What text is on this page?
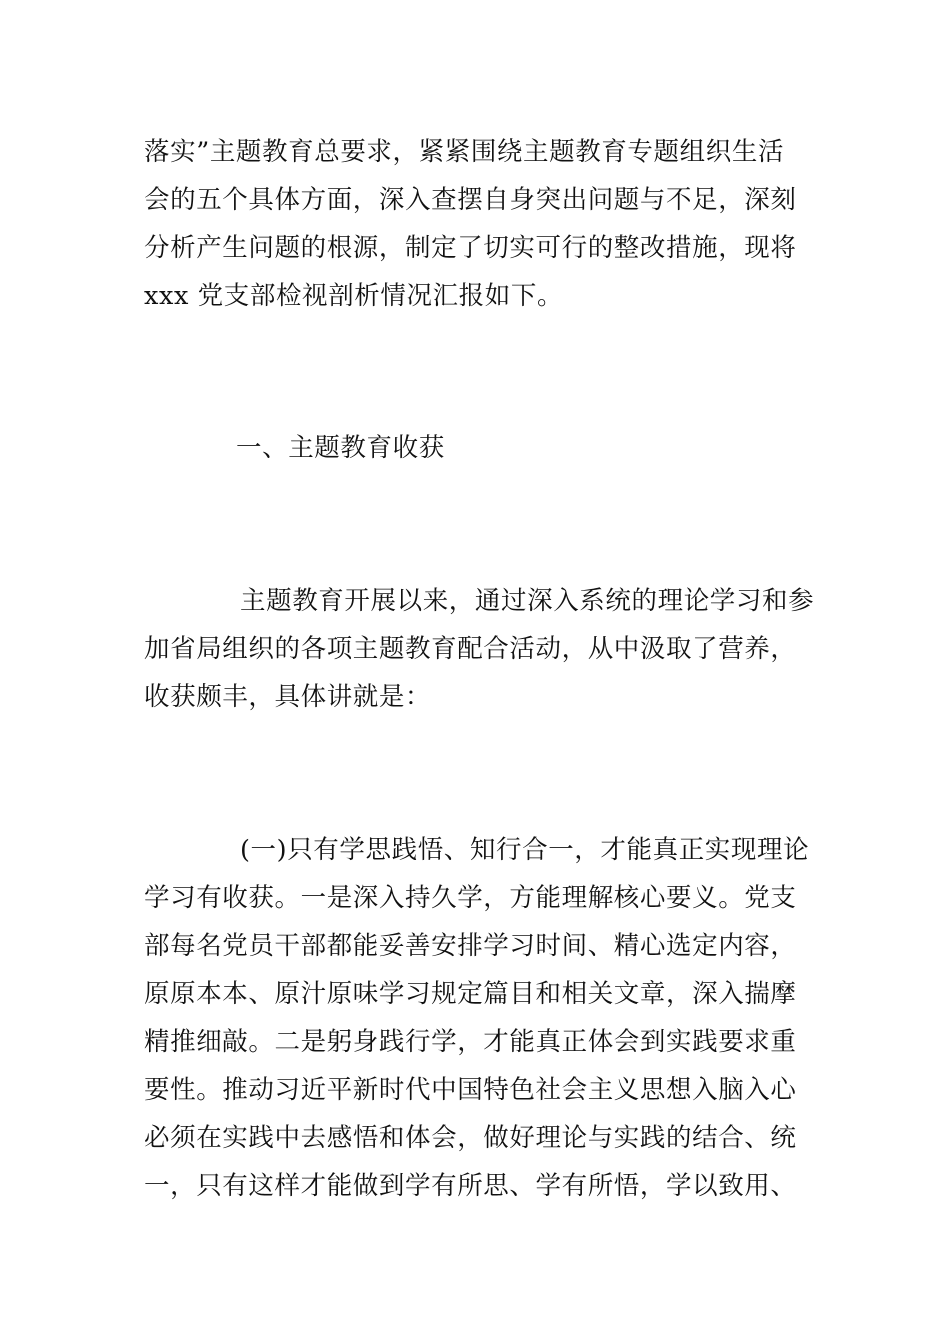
落实”主题教育总要求，紧紧围绕主题教育专题组织生活
会的五个具体方面，深入查摆自身突出问题与不足，深刻
分析产生问题的根源，制定了切实可行的整改措施，现将
xxx 党支部检视剖析情况汇报如下。
一、主题教育收获
主题教育开展以来，通过深入系统的理论学习和参
加省局组织的各项主题教育配合活动，从中汲取了营养，
收获颇丰，具体讲就是：
(一)只有学思践悟、知行合一，才能真正实现理论
学习有收获。一是深入持久学，方能理解核心要义。党支
部每名党员干部都能妥善安排学习时间、精心选定内容，
原原本本、原汁原味学习规定篇目和相关文章，深入揣摩
精推细敲。二是躬身践行学，才能真正体会到实践要求重
要性。推动习近平新时代中国特色社会主义思想入脑入心
必须在实践中去感悟和体会，做好理论与实践的结合、统
一，只有这样才能做到学有所思、学有所悟，学以致用、
